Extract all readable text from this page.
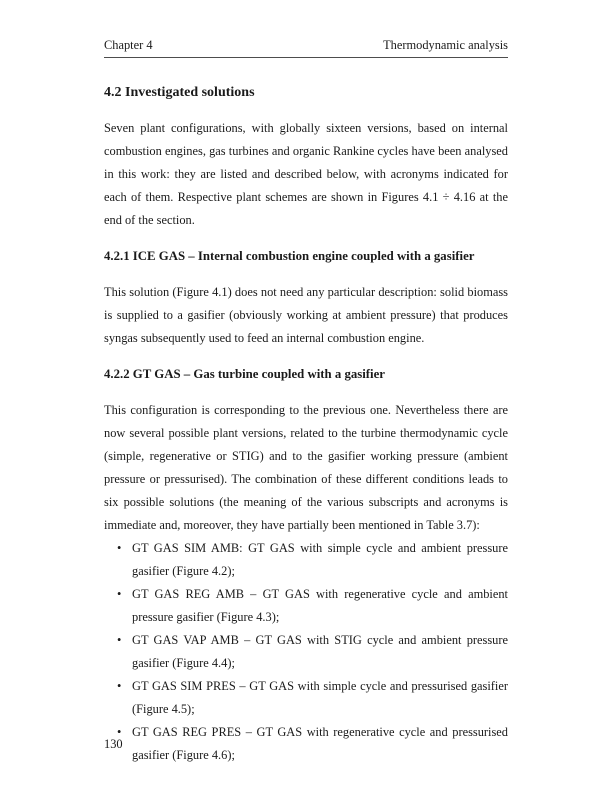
Chapter 4	Thermodynamic analysis
4.2 Investigated solutions

Seven plant configurations, with globally sixteen versions, based on internal combustion engines, gas turbines and organic Rankine cycles have been analysed in this work: they are listed and described below, with acronyms indicated for each of them. Respective plant schemes are shown in Figures 4.1 ÷ 4.16 at the end of the section.

4.2.1 ICE GAS – Internal combustion engine coupled with a gasifier

This solution (Figure 4.1) does not need any particular description: solid biomass is supplied to a gasifier (obviously working at ambient pressure) that produces syngas subsequently used to feed an internal combustion engine.

4.2.2 GT GAS – Gas turbine coupled with a gasifier

This configuration is corresponding to the previous one. Nevertheless there are now several possible plant versions, related to the turbine thermodynamic cycle (simple, regenerative or STIG) and to the gasifier working pressure (ambient pressure or pressurised). The combination of these different conditions leads to six possible solutions (the meaning of the various subscripts and acronyms is immediate and, moreover, they have partially been mentioned in Table 3.7):

• GT GAS SIM AMB: GT GAS with simple cycle and ambient pressure gasifier (Figure 4.2);
• GT GAS REG AMB – GT GAS with regenerative cycle and ambient pressure gasifier (Figure 4.3);
• GT GAS VAP AMB – GT GAS with STIG cycle and ambient pressure gasifier (Figure 4.4);
• GT GAS SIM PRES – GT GAS with simple cycle and pressurised gasifier (Figure 4.5);
• GT GAS REG PRES – GT GAS with regenerative cycle and pressurised gasifier (Figure 4.6);
130
